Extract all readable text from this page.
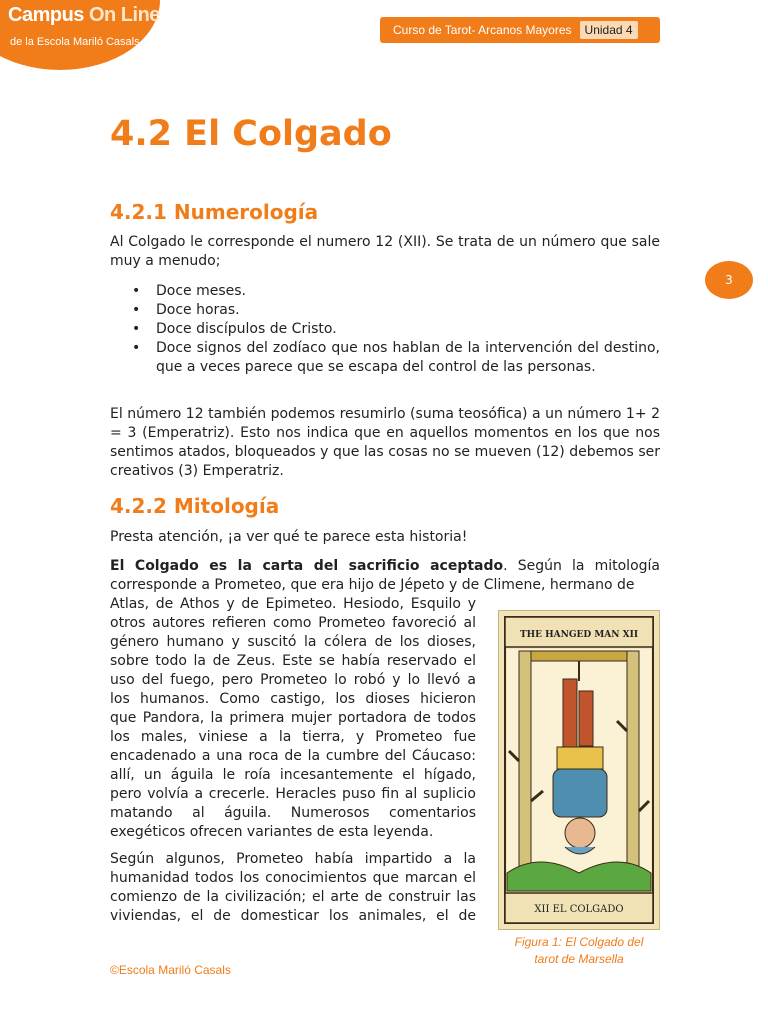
Campus On Line
de la Escola Mariló Casals
Curso de Tarot- Arcanos Mayores	Unidad 4
3
4.2 El Colgado
4.2.1 Numerología

Al Colgado le corresponde el numero 12 (XII). Se trata de un número que sale muy a menudo;

• Doce meses.
• Doce horas.
• Doce discípulos de Cristo.
• Doce signos del zodíaco que nos hablan de la intervención del destino, que a veces parece que se escapa del control de las personas.

El número 12 también podemos resumirlo (suma teosófica) a un número 1+ 2 = 3 (Emperatriz). Esto nos indica que en aquellos momentos en los que nos sentimos atados, bloqueados y que las cosas no se mueven (12) debemos ser creativos (3) Emperatriz.

4.2.2 Mitología

Presta atención, ¡a ver qué te parece esta historia!

El Colgado es la carta del sacrificio aceptado. Según la mitología corresponde a Prometeo, que era hijo de Jépeto y de Climene, hermano de

Atlas, de Athos y de Epimeteo. Hesiodo, Esquilo y
otros autores refieren como Prometeo favoreció al
género humano y suscitó la cólera de los dioses,
sobre todo la de Zeus. Este se había reservado el
uso del fuego, pero Prometeo lo robó y lo llevó a
los humanos. Como castigo, los dioses hicieron
que Pandora, la primera mujer portadora de todos
los males, viniese a la tierra, y Prometeo fue
encadenado a una roca de la cumbre del Cáucaso:
allí, un águila le roía incesantemente el hígado,
pero volvía a crecerle. Heracles puso fin al suplicio
matando al águila. Numerosos comentarios
exegéticos ofrecen variantes de esta leyenda.
Según algunos, Prometeo había impartido a la
humanidad todos los conocimientos que marcan el
comienzo de la civilización; el arte de construir las
viviendas, el de domesticar los animales, el de
THE HANGED MAN XII
XII EL COLGADO
Figura 1: El Colgado del
tarot de Marsella
©Escola Mariló Casals
